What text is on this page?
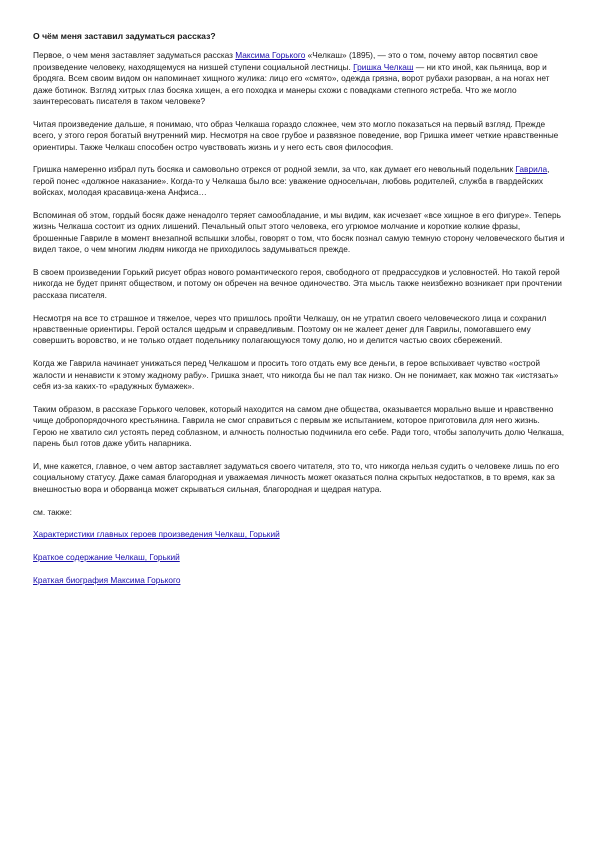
О чём меня заставил задуматься рассказ?

Первое, о чем меня заставляет задуматься рассказ Максима Горького «Челкаш» (1895), — это о том, почему автор посвятил свое произведение человеку, находящемуся на низшей ступени социальной лестницы. Гришка Челкаш — ни кто иной, как пьяница, вор и бродяга. Всем своим видом он напоминает хищного жулика: лицо его «смято», одежда грязна, ворот рубахи разорван, а на ногах нет даже ботинок. Взгляд хитрых глаз босяка хищен, а его походка и манеры схожи с повадками степного ястреба. Что же могло заинтересовать писателя в таком человеке?

Читая произведение дальше, я понимаю, что образ Челкаша гораздо сложнее, чем это могло показаться на первый взгляд. Прежде всего, у этого героя богатый внутренний мир. Несмотря на свое грубое и развязное поведение, вор Гришка имеет четкие нравственные ориентиры. Также Челкаш способен остро чувствовать жизнь и у него есть своя философия.

Гришка намеренно избрал путь босяка и самовольно отрекся от родной земли, за что, как думает его невольный подельник Гаврила, герой понес «должное наказание». Когда-то у Челкаша было все: уважение односельчан, любовь родителей, служба в гвардейских войсках, молодая красавица-жена Анфиса…

Вспоминая об этом, гордый босяк даже ненадолго теряет самообладание, и мы видим, как исчезает «все хищное в его фигуре». Теперь жизнь Челкаша состоит из одних лишений. Печальный опыт этого человека, его угрюмое молчание и короткие колкие фразы, брошенные Гавриле в момент внезапной вспышки злобы, говорят о том, что босяк познал самую темную сторону человеческого бытия и видел такое, о чем многим людям никогда не приходилось задумываться прежде.

В своем произведении Горький рисует образ нового романтического героя, свободного от предрассудков и условностей. Но такой герой никогда не будет принят обществом, и потому он обречен на вечное одиночество. Эта мысль также неизбежно возникает при прочтении рассказа писателя.

Несмотря на все то страшное и тяжелое, через что пришлось пройти Челкашу, он не утратил своего человеческого лица и сохранил нравственные ориентиры. Герой остался щедрым и справедливым. Поэтому он не жалеет денег для Гаврилы, помогавшего ему совершить воровство, и не только отдает подельнику полагающуюся тому долю, но и делится частью своих сбережений.

Когда же Гаврила начинает унижаться перед Челкашом и просить того отдать ему все деньги, в герое вспыхивает чувство «острой жалости и ненависти к этому жадному рабу». Гришка знает, что никогда бы не пал так низко. Он не понимает, как можно так «истязать» себя из-за каких-то «радужных бумажек».

Таким образом, в рассказе Горького человек, который находится на самом дне общества, оказывается морально выше и нравственно чище добропорядочного крестьянина. Гаврила не смог справиться с первым же испытанием, которое приготовила для него жизнь. Герою не хватило сил устоять перед соблазном, и алчность полностью подчинила его себе. Ради того, чтобы заполучить долю Челкаша, парень был готов даже убить напарника.

И, мне кажется, главное, о чем автор заставляет задуматься своего читателя, это то, что никогда нельзя судить о человеке лишь по его социальному статусу. Даже самая благородная и уважаемая личность может оказаться полна скрытых недостатков, в то время, как за внешностью вора и оборванца может скрываться сильная, благородная и щедрая натура.

см. также:

Характеристики главных героев произведения Челкаш, Горький

Краткое содержание Челкаш, Горький

Краткая биография Максима Горького
